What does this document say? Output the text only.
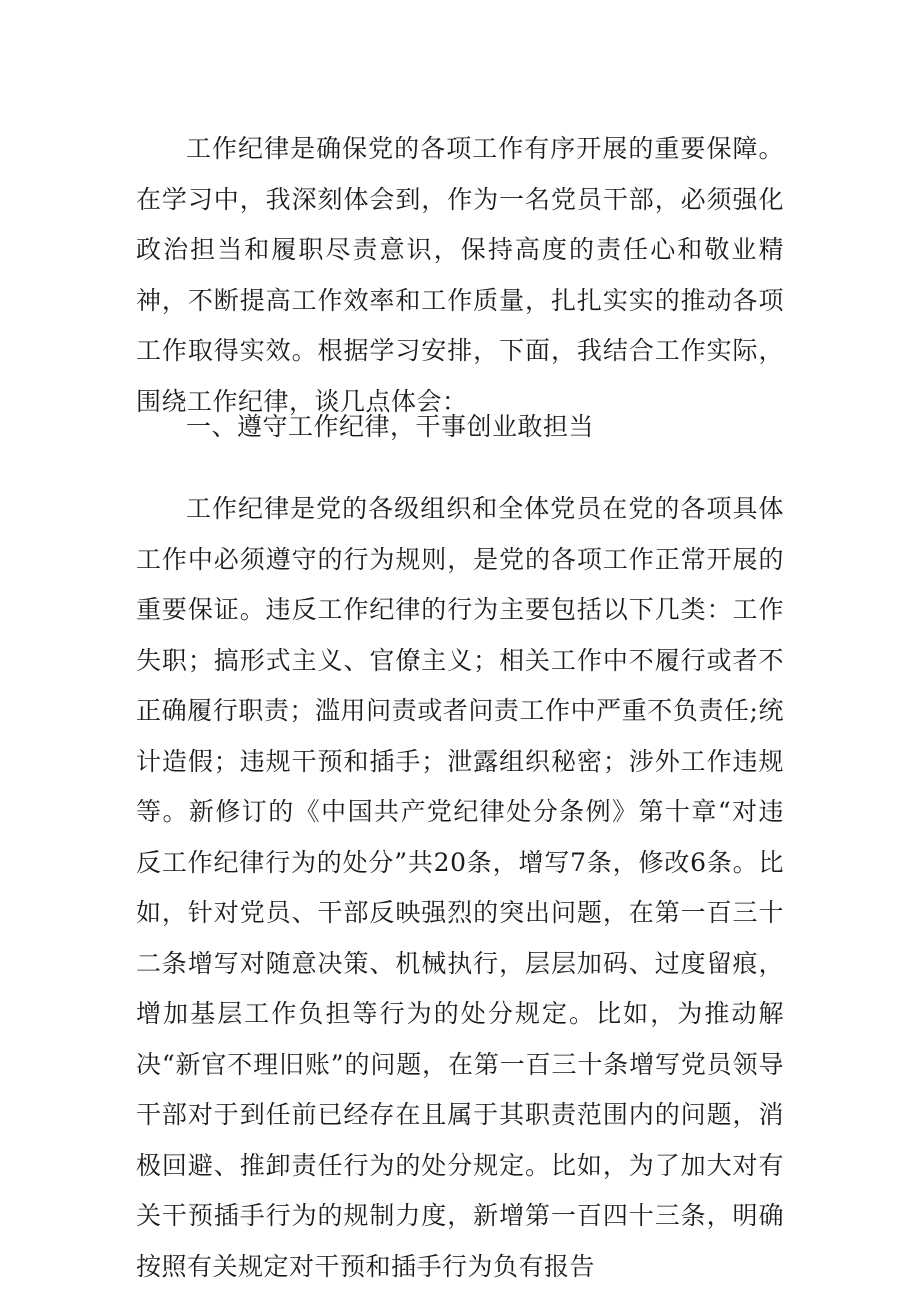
工作纪律是确保党的各项工作有序开展的重要保障。在学习中，我深刻体会到，作为一名党员干部，必须强化政治担当和履职尽责意识，保持高度的责任心和敬业精神，不断提高工作效率和工作质量，扎扎实实的推动各项工作取得实效。根据学习安排，下面，我结合工作实际，围绕工作纪律，谈几点体会：

一、遵守工作纪律，干事创业敢担当

工作纪律是党的各级组织和全体党员在党的各项具体工作中必须遵守的行为规则，是党的各项工作正常开展的重要保证。违反工作纪律的行为主要包括以下几类：工作失职；搞形式主义、官僚主义；相关工作中不履行或者不正确履行职责；滥用问责或者问责工作中严重不负责任;统计造假；违规干预和插手；泄露组织秘密；涉外工作违规等。新修订的《中国共产党纪律处分条例》第十章“对违反工作纪律行为的处分”共20条，增写7条，修改6条。比如，针对党员、干部反映强烈的突出问题，在第一百三十二条增写对随意决策、机械执行，层层加码、过度留痕，增加基层工作负担等行为的处分规定。比如，为推动解决“新官不理旧账”的问题，在第一百三十条增写党员领导干部对于到任前已经存在且属于其职责范围内的问题，消极回避、推卸责任行为的处分规定。比如，为了加大对有关干预插手行为的规制力度，新增第一百四十三条，明确按照有关规定对干预和插手行为负有报告
